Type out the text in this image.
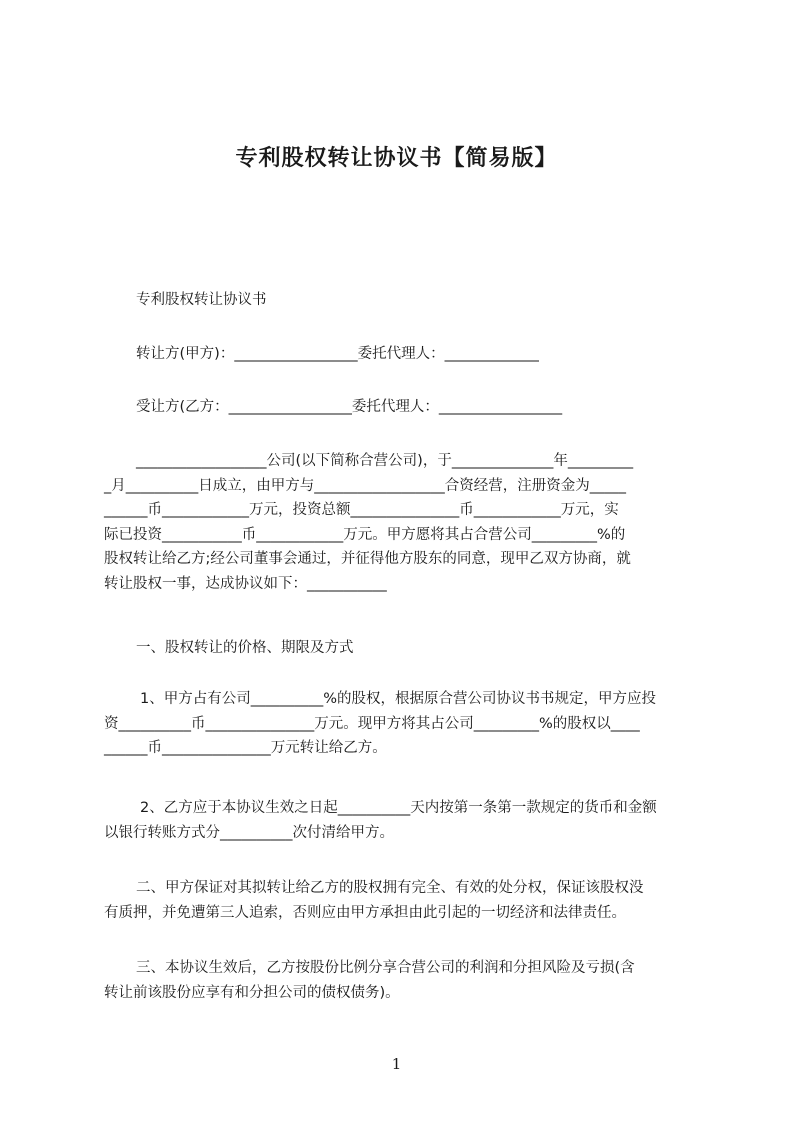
专利股权转让协议书【简易版】
专利股权转让协议书
转让方(甲方)：_________________委托代理人：_____________
受让方(乙方：_________________委托代理人：_________________
__________________公司(以下简称合营公司)，于______________年_________
_月__________日成立，由甲方与__________________合资经营，注册资金为_____
______币____________万元，投资总额_______________币____________万元，实
际已投资___________币____________万元。甲方愿将其占合营公司_________%的
股权转让给乙方;经公司董事会通过，并征得他方股东的同意，现甲乙双方协商，就
转让股权一事，达成协议如下：___________
一、股权转让的价格、期限及方式
1、甲方占有公司__________%的股权，根据原合营公司协议书书规定，甲方应投
资__________币_______________万元。现甲方将其占公司_________%的股权以____
______币_______________万元转让给乙方。
2、乙方应于本协议生效之日起__________天内按第一条第一款规定的货币和金额
以银行转账方式分__________次付清给甲方。
二、甲方保证对其拟转让给乙方的股权拥有完全、有效的处分权，保证该股权没
有质押，并免遭第三人追索，否则应由甲方承担由此引起的一切经济和法律责任。
三、本协议生效后，乙方按股份比例分享合营公司的利润和分担风险及亏损(含
转让前该股份应享有和分担公司的债权债务)。
1
